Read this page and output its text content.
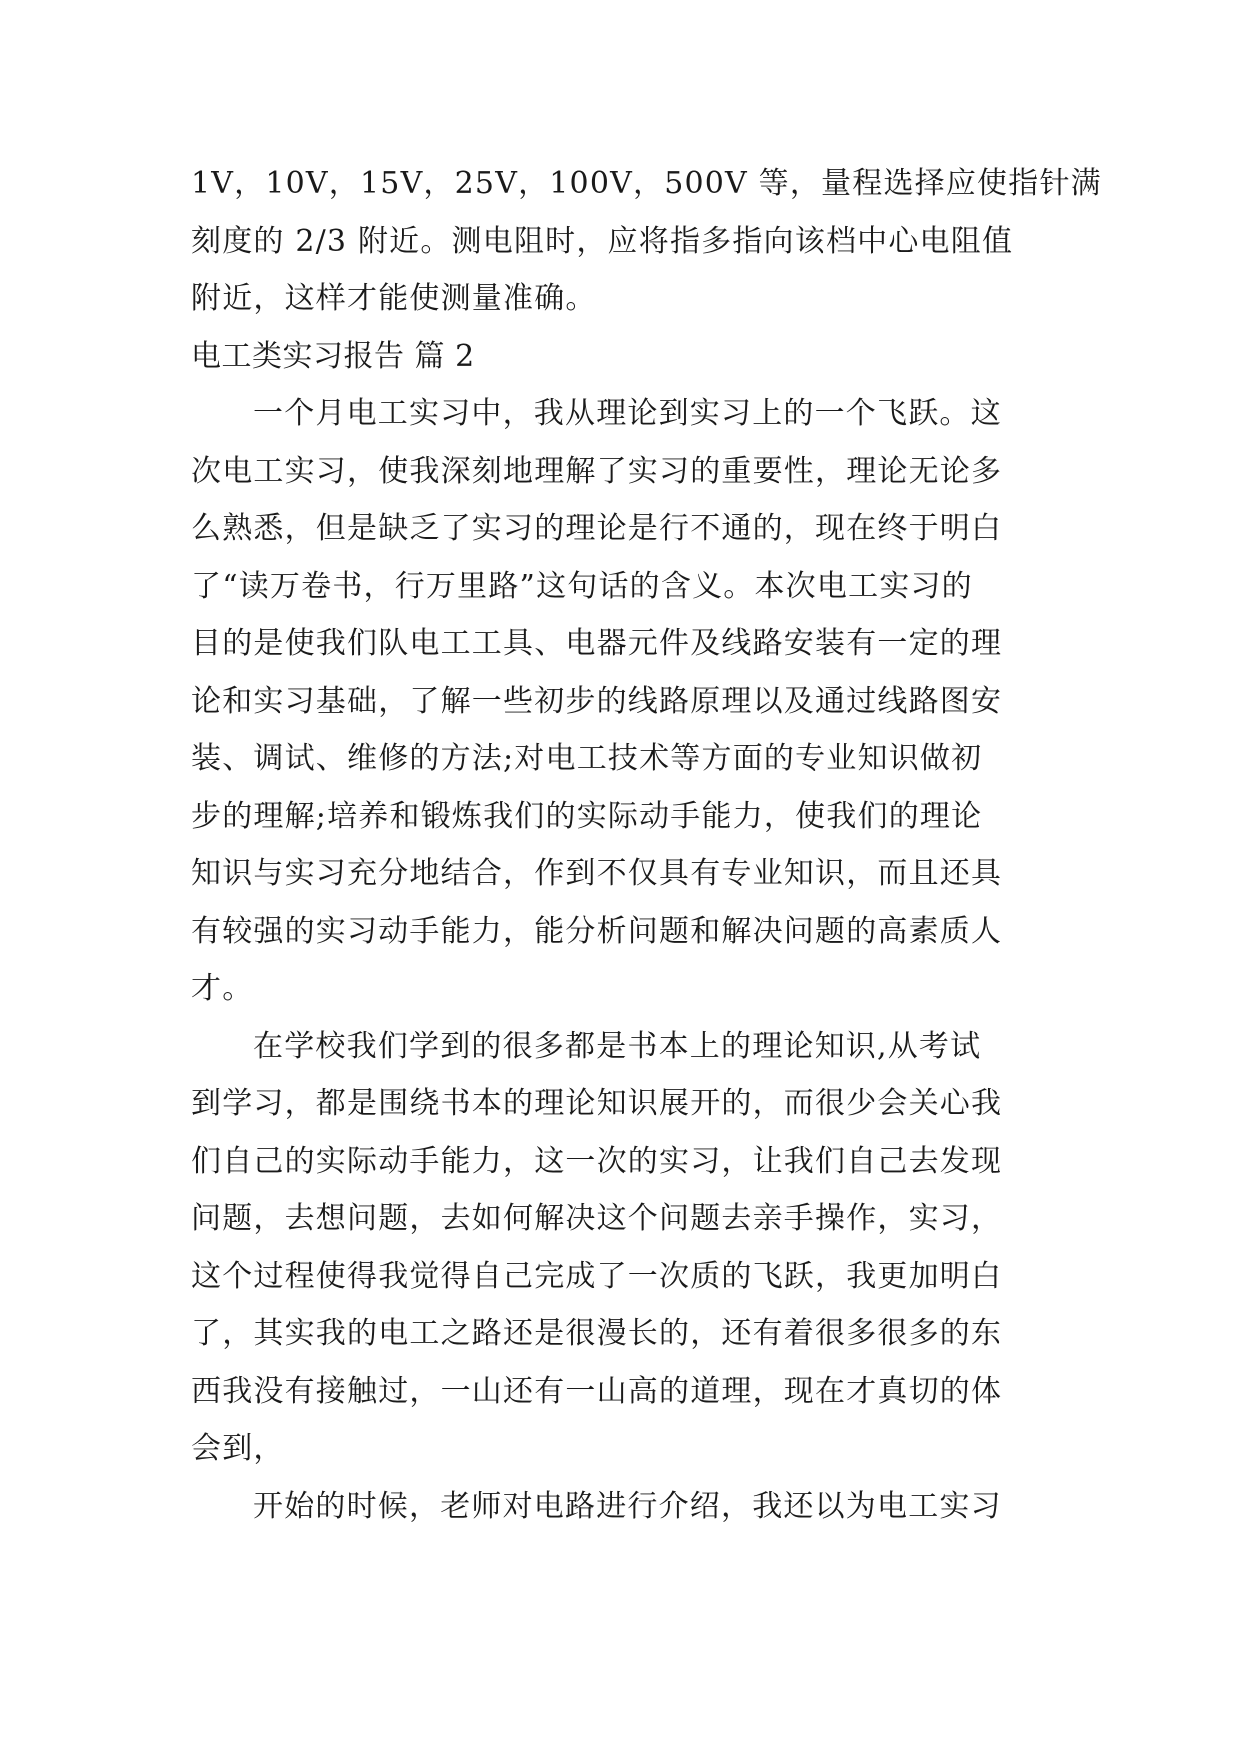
1V，10V，15V，25V，100V，500V 等，量程选择应使指针满
刻度的 2/3 附近。测电阻时，应将指多指向该档中心电阻值
附近，这样才能使测量准确。
电工类实习报告 篇 2
一个月电工实习中，我从理论到实习上的一个飞跃。这
次电工实习，使我深刻地理解了实习的重要性，理论无论多
么熟悉，但是缺乏了实习的理论是行不通的，现在终于明白
了“读万卷书，行万里路”这句话的含义。本次电工实习的
目的是使我们队电工工具、电器元件及线路安装有一定的理
论和实习基础，了解一些初步的线路原理以及通过线路图安
装、调试、维修的方法;对电工技术等方面的专业知识做初
步的理解;培养和锻炼我们的实际动手能力，使我们的理论
知识与实习充分地结合，作到不仅具有专业知识，而且还具
有较强的实习动手能力，能分析问题和解决问题的高素质人
才。
在学校我们学到的很多都是书本上的理论知识,从考试
到学习，都是围绕书本的理论知识展开的，而很少会关心我
们自己的实际动手能力，这一次的实习，让我们自己去发现
问题，去想问题，去如何解决这个问题去亲手操作，实习，
这个过程使得我觉得自己完成了一次质的飞跃，我更加明白
了，其实我的电工之路还是很漫长的，还有着很多很多的东
西我没有接触过，一山还有一山高的道理，现在才真切的体
会到，
开始的时候，老师对电路进行介绍，我还以为电工实习
